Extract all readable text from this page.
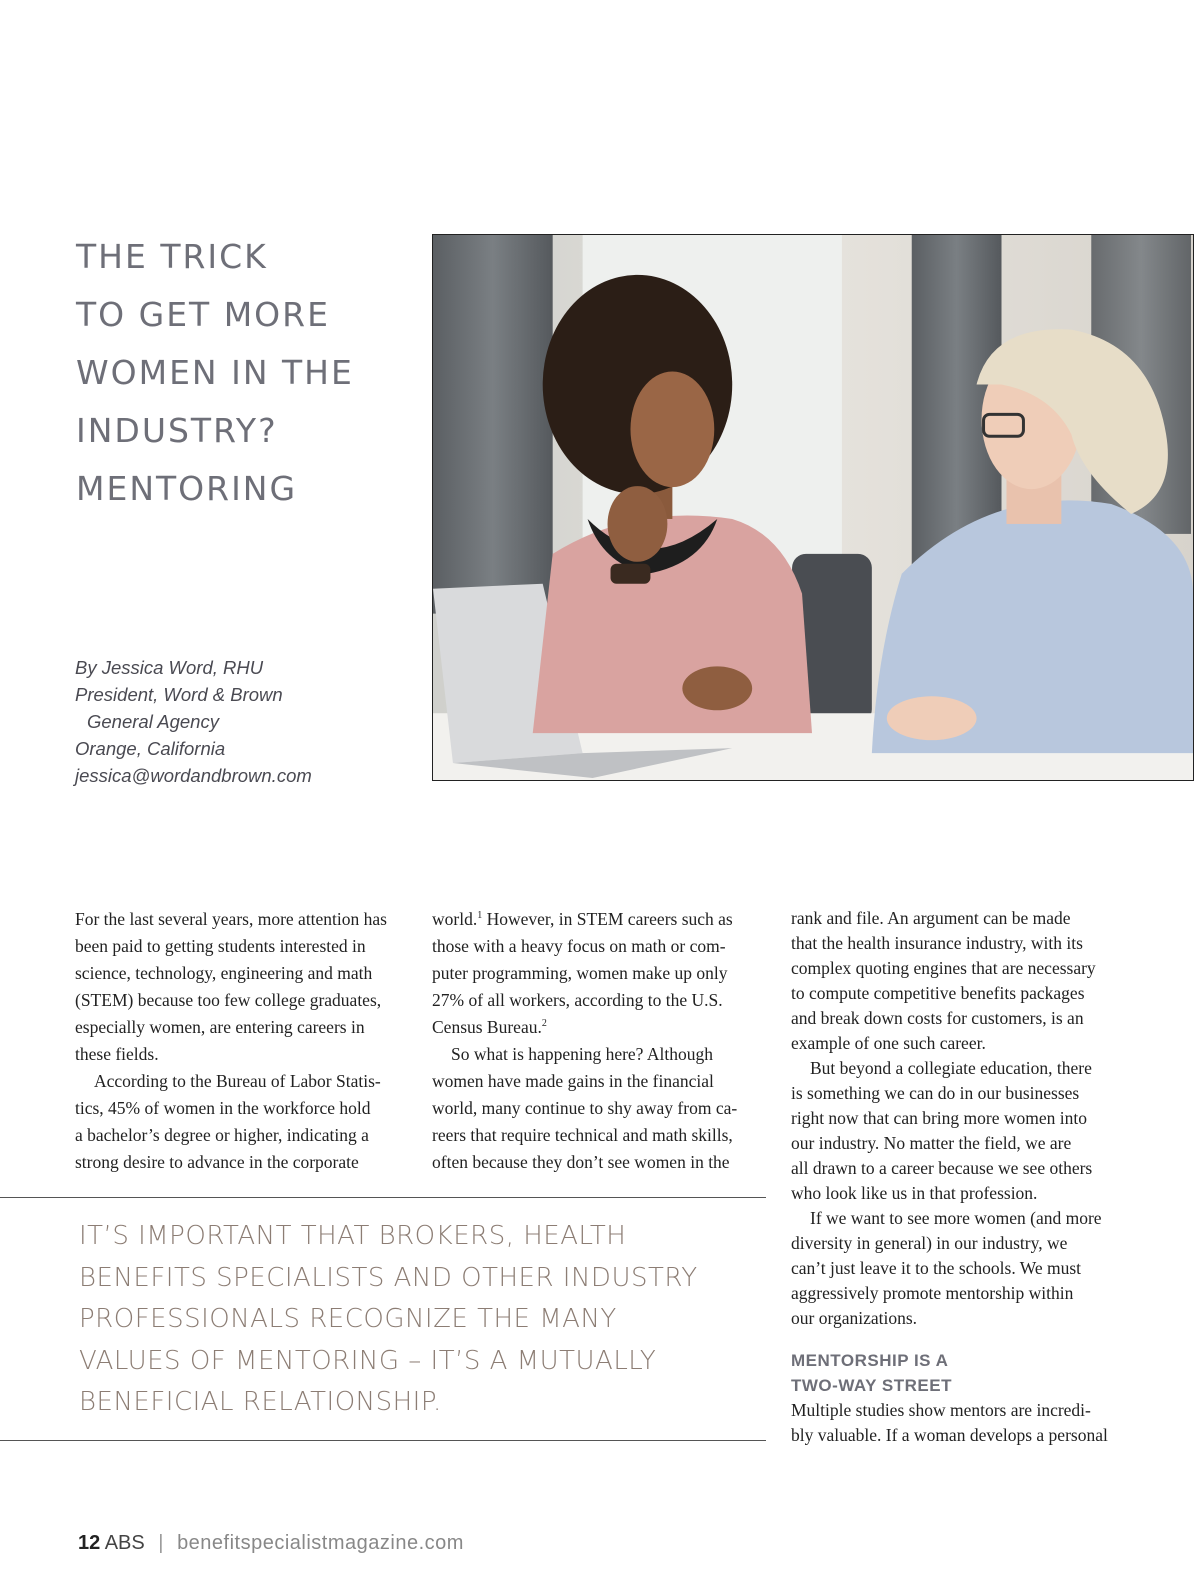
THE TRICK
TO GET MORE
WOMEN IN THE
INDUSTRY?
MENTORING
By Jessica Word, RHU
President, Word & Brown
General Agency
Orange, California
jessica@wordandbrown.com
For the last several years, more attention has
been paid to getting students interested in
science, technology, engineering and math
(STEM) because too few college graduates,
especially women, are entering careers in
these fields.
According to the Bureau of Labor Statis-
tics, 45% of women in the workforce hold
a bachelor’s degree or higher, indicating a
strong desire to advance in the corporate
world.$^1$ However, in STEM careers such as
those with a heavy focus on math or com-
puter programming, women make up only
27% of all workers, according to the U.S.
Census Bureau.$^2$
So what is happening here? Although
women have made gains in the financial
world, many continue to shy away from ca-
reers that require technical and math skills,
often because they don’t see women in the
rank and file. An argument can be made
that the health insurance industry, with its
complex quoting engines that are necessary
to compute competitive benefits packages
and break down costs for customers, is an
example of one such career.
But beyond a collegiate education, there
is something we can do in our businesses
right now that can bring more women into
our industry. No matter the field, we are
all drawn to a career because we see others
who look like us in that profession.
If we want to see more women (and more
diversity in general) in our industry, we
can’t just leave it to the schools. We must
aggressively promote mentorship within
our organizations.
MENTORSHIP IS A
TWO-WAY STREET
Multiple studies show mentors are incredi-
bly valuable. If a woman develops a personal
IT’S IMPORTANT THAT BROKERS, HEALTH
BENEFITS SPECIALISTS AND OTHER INDUSTRY
PROFESSIONALS RECOGNIZE THE MANY
VALUES OF MENTORING – IT’S A MUTUALLY
BENEFICIAL RELATIONSHIP.
12 ABS | benefitspecialistmagazine.com
